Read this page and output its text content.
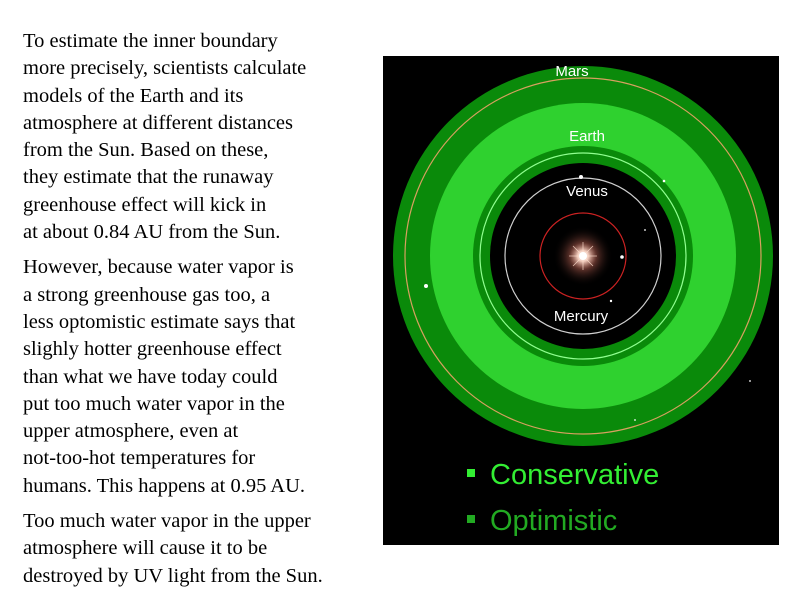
To estimate the inner boundary
more precisely, scientists calculate
models of the Earth and its
atmosphere at different distances
from the Sun. Based on these,
they estimate that the runaway
greenhouse effect will kick in
at about 0.84 AU from the Sun.

However, because water vapor is
a strong greenhouse gas too, a
less optomistic estimate says that
slighly hotter greenhouse effect
than what we have today could
put too much water vapor in the
upper atmosphere, even at
not-too-hot temperatures for
humans. This happens at 0.95 AU.

Too much water vapor in the upper
atmosphere will cause it to be
destroyed by UV light from the Sun.

Mars
Earth
Venus
Mercury
Conservative
Optimistic
